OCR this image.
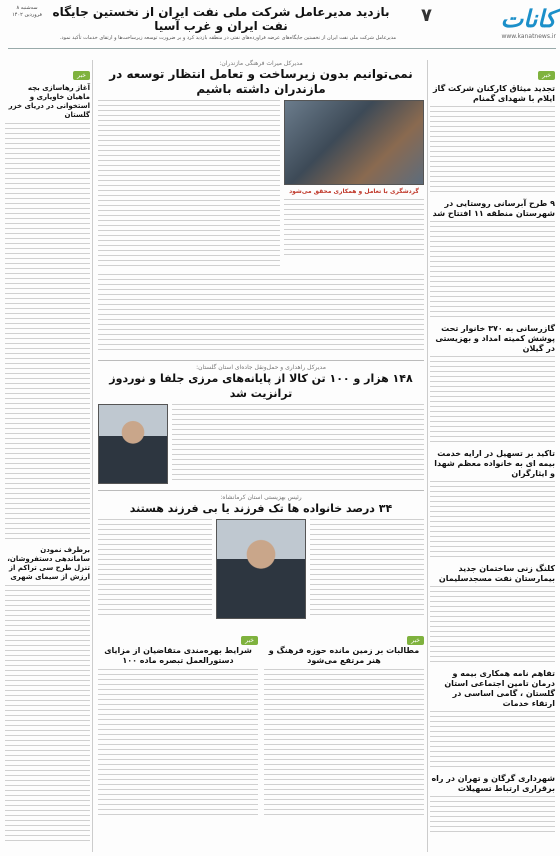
کانات
www.kanatnews.ir
۷
سه‌شنبه ۸ فروردین ۱۴۰۲ بازدید مدیرعامل شرکت ملی نفت ایران از نخستین جایگاه نفت ایران و غرب آسیا
مدیرعامل شرکت ملی نفت ایران از نخستین جایگاه‌های عرضه فراورده‌های نفتی در منطقه بازدید کرد و بر ضرورت توسعه زیرساخت‌ها و ارتقای خدمات تأکید نمود.
خبر
تجدید میثاق کارکنان شرکت گاز ایلام با شهدای گمنام
۹ طرح آبرسانی روستایی در شهرستان منطقه ۱۱ افتتاح شد
گازرسانی به ۳۷۰ خانوار تحت پوشش کمیته امداد و بهزیستی در گیلان
تاکید بر تسهیل در ارایه خدمت بیمه ای به خانواده معظم شهدا و ایثارگران
کلنگ زنی ساختمان جدید بیمارستان نفت مسجدسلیمان
تفاهم نامه همکاری بیمه و درمان تامین اجتماعی استان گلستان ، گامی اساسی در ارتقاء خدمات
شهرداری گرگان و تهران در راه برقراری ارتباط تسهیلات
مدیرکل میراث فرهنگی مازندران:
نمی‌توانیم بدون زیرساخت و تعامل انتظار توسعه در مازندران داشته باشیم
گردشگری با تعامل و همکاری محقق می‌شود
مدیرکل راهداری و حمل‌ونقل جاده‌ای استان گلستان:
۱۴۸ هزار و ۱۰۰ تن کالا از پایانه‌های مرزی جلفا و نوردوز ترانزیت شد
رئیس بهزیستی استان کرمانشاه:
۳۴ درصد خانواده ها تک فرزند یا بی فرزند هستند
خبر
مطالبات بر زمین مانده حوزه فرهنگ و هنر مرتفع می‌شود
خبر
شرایط بهره‌مندی متقاضیان از مزایای دستورالعمل تبصره ماده ۱۰۰
خبر
آغاز رهاسازی بچه ماهیان خاویاری و استخوانی در دریای خزر گلستان
برطرف نمودن ساماندهی دستفروشان، تنزل طرح سی تراکم از ارزش از سیمای شهری
